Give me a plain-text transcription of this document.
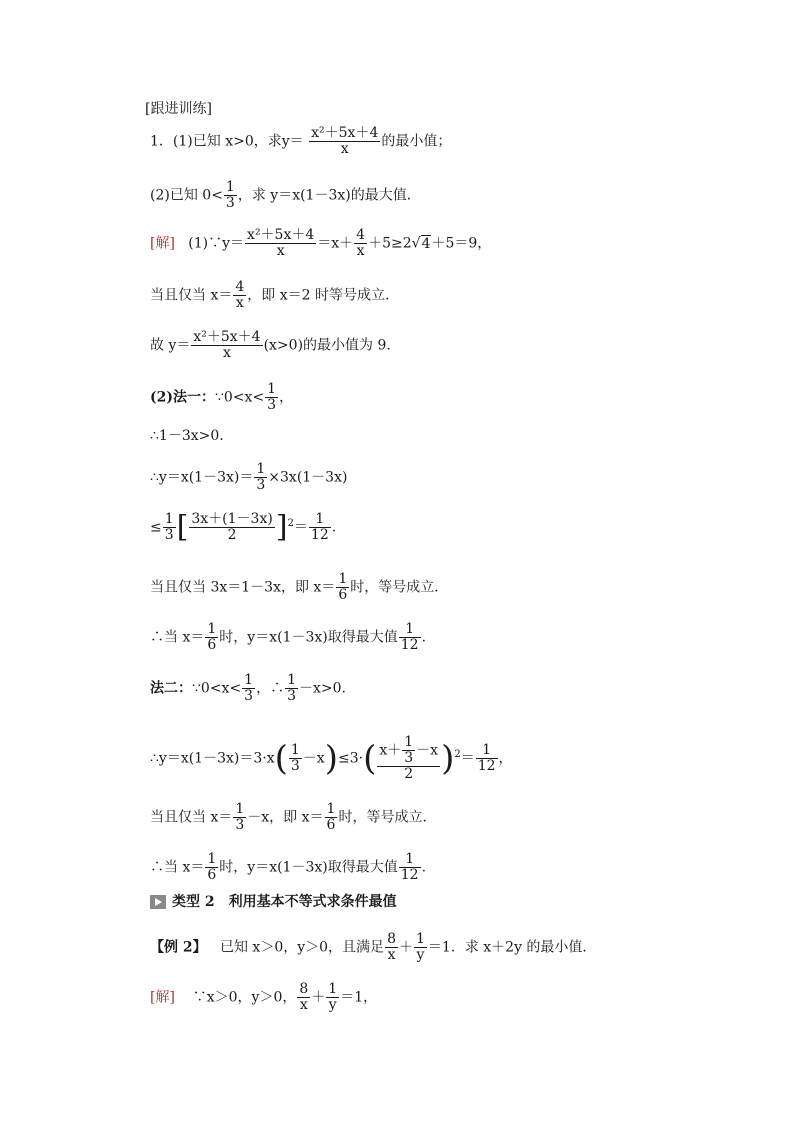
[跟进训练]
1．(1)已知 x>0，求$y= \frac{\text{x²＋5x＋4}}{x}$ 的最小值；
(2)已知 $0< \frac{1}{3}$ ，求 y＝x(1－3x)的最大值．
[解] (1)∵y＝ $\frac{\text{x²＋5x＋4}}{x} =x+ \frac{4}{x} +5\ge 2√4+5=9$，
当且仅当 $x= \frac{4}{x}$ ，即 x＝2 时等号成立．
故 $y= \frac{\text{x²＋5x＋4}}{x} (x>0)$的最小值为 9.
(2)法一：∵0<x< $\frac{1}{3}$ ，
∴1－3x>0.
∴y＝x(1－3x)＝ $\frac{1}{3} \times 3x(1-3x)$
≤ $\frac{1}{3}$ [ $\frac{3x+(1-3x)}{2} ]^2= \frac{1}{12}$ .
当且仅当 3x＝1－3x，即 $x= \frac{1}{6}$ 时，等号成立．
∴当 $x= \frac{1}{6}$ 时，y＝x(1－3x)取得最大值 $\frac{1}{12}$ .
法二：∵0<x< $\frac{1}{3}$ ，∴ $\frac{1}{3} -x>0$.
∴y＝x(1－3x)＝3·x( $\frac{1}{3} -x)\le 3\cdot( \frac{x+ \frac{1}{3} -x}{2} )^2= \frac{1}{12}$ ，
当且仅当 $x= \frac{1}{3} -x$，即 $x= \frac{1}{6}$ 时，等号成立．
∴当 $x= \frac{1}{6}$ 时，y＝x(1－3x)取得最大值 $\frac{1}{12}$ .
类型 2　利用基本不等式求条件最值
【例 2】 已知 x＞0，y＞0，且满足 $\frac{8}{x} + \frac{1}{y} =1$．求 x＋2y 的最小值．
[解] ∵x＞0，y＞0， $\frac{8}{x} + \frac{1}{y} =1$，
